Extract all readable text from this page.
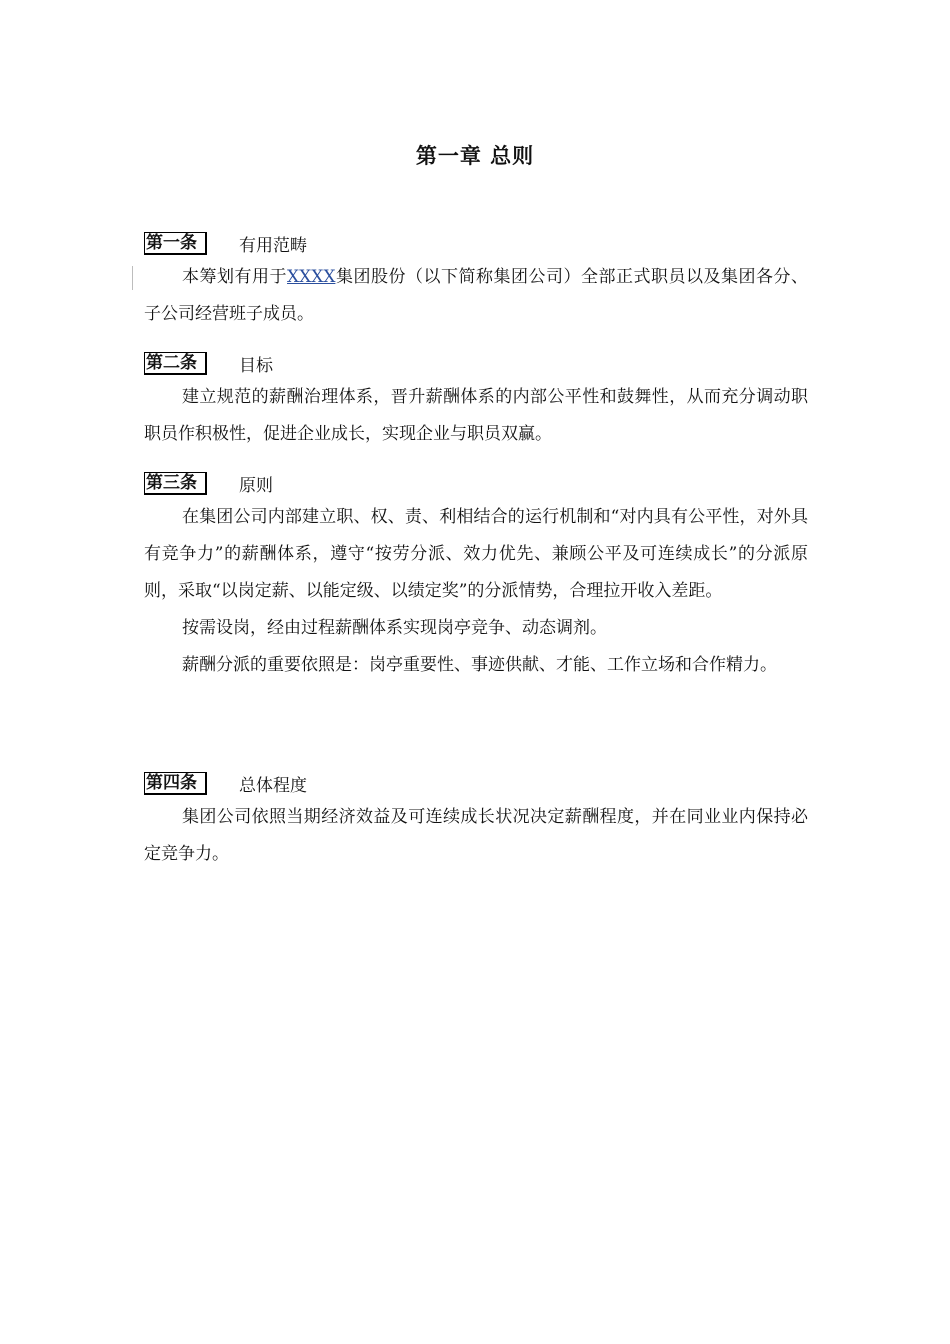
第一章 总则
第一条	有用范畴

本筹划有用于XXXX集团股份（以下简称集团公司）全部正式职员以及集团各分、子公司经营班子成员。

第二条	目标

建立规范的薪酬治理体系，晋升薪酬体系的内部公平性和鼓舞性，从而充分调动职职员作积极性，促进企业成长，实现企业与职员双赢。

第三条	原则

在集团公司内部建立职、权、责、利相结合的运行机制和“对内具有公平性，对外具有竞争力”的薪酬体系，遵守“按劳分派、效力优先、兼顾公平及可连续成长”的分派原则，采取“以岗定薪、以能定级、以绩定奖”的分派情势，合理拉开收入差距。

按需设岗，经由过程薪酬体系实现岗亭竞争、动态调剂。

薪酬分派的重要依照是：岗亭重要性、事迹供献、才能、工作立场和合作精力。

第四条	总体程度

集团公司依照当期经济效益及可连续成长状况决定薪酬程度，并在同业业内保持必定竞争力。
